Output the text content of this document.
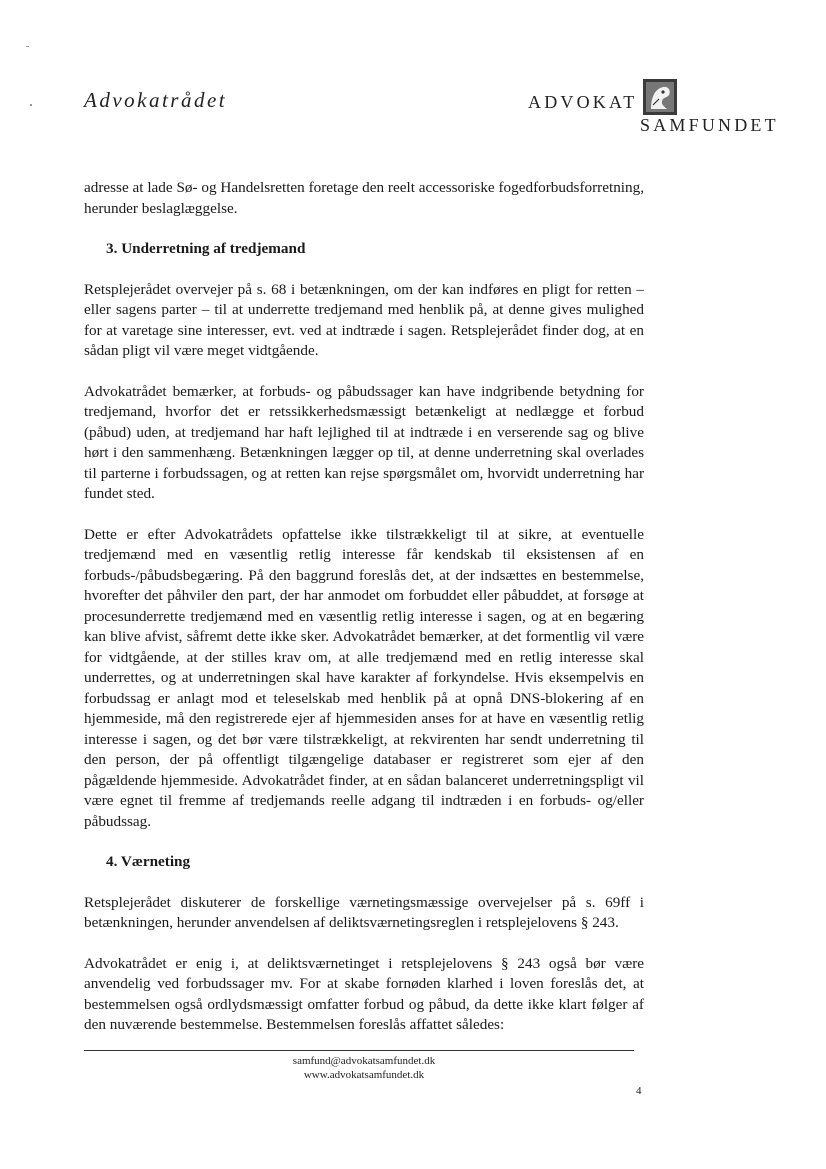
Advokatrådet	ADVOKAT
SAMFUNDET

adresse at lade Sø- og Handelsretten foretage den reelt accessoriske fogedforbudsforretning, herunder beslaglæggelse.

3. Underretning af tredjemand

Retsplejerådet overvejer på s. 68 i betænkningen, om der kan indføres en pligt for retten – eller sagens parter – til at underrette tredjemand med henblik på, at denne gives mulighed for at varetage sine interesser, evt. ved at indtræde i sagen. Retsplejerådet finder dog, at en sådan pligt vil være meget vidtgående.

Advokatrådet bemærker, at forbuds- og påbudssager kan have indgribende betydning for tredjemand, hvorfor det er retssikkerhedsmæssigt betænkeligt at nedlægge et forbud (påbud) uden, at tredjemand har haft lejlighed til at indtræde i en verserende sag og blive hørt i den sammenhæng. Betænkningen lægger op til, at denne underretning skal overlades til parterne i forbudssagen, og at retten kan rejse spørgsmålet om, hvorvidt underretning har fundet sted.

Dette er efter Advokatrådets opfattelse ikke tilstrækkeligt til at sikre, at eventuelle tredjemænd med en væsentlig retlig interesse får kendskab til eksistensen af en forbuds-/påbudsbegæring. På den baggrund foreslås det, at der indsættes en bestemmelse, hvorefter det påhviler den part, der har anmodet om forbuddet eller påbuddet, at forsøge at procesunderrette tredjemænd med en væsentlig retlig interesse i sagen, og at en begæring kan blive afvist, såfremt dette ikke sker. Advokatrådet bemærker, at det formentlig vil være for vidtgående, at der stilles krav om, at alle tredjemænd med en retlig interesse skal underrettes, og at underretningen skal have karakter af forkyndelse. Hvis eksempelvis en forbudssag er anlagt mod et teleselskab med henblik på at opnå DNS-blokering af en hjemmeside, må den registrerede ejer af hjemmesiden anses for at have en væsentlig retlig interesse i sagen, og det bør være tilstrækkeligt, at rekvirenten har sendt underretning til den person, der på offentligt tilgængelige databaser er registreret som ejer af den pågældende hjemmeside. Advokatrådet finder, at en sådan balanceret underretningspligt vil være egnet til fremme af tredjemands reelle adgang til indtræden i en forbuds- og/eller påbudssag.

4. Værneting

Retsplejerådet diskuterer de forskellige værnetingsmæssige overvejelser på s. 69ff i betænkningen, herunder anvendelsen af deliktsværnetingsreglen i retsplejelovens § 243.

Advokatrådet er enig i, at deliktsværnetinget i retsplejelovens § 243 også bør være anvendelig ved forbudssager mv. For at skabe fornøden klarhed i loven foreslås det, at bestemmelsen også ordlydsmæssigt omfatter forbud og påbud, da dette ikke klart følger af den nuværende bestemmelse. Bestemmelsen foreslås affattet således:

samfund@advokatsamfundet.dk
www.advokatsamfundet.dk
4
